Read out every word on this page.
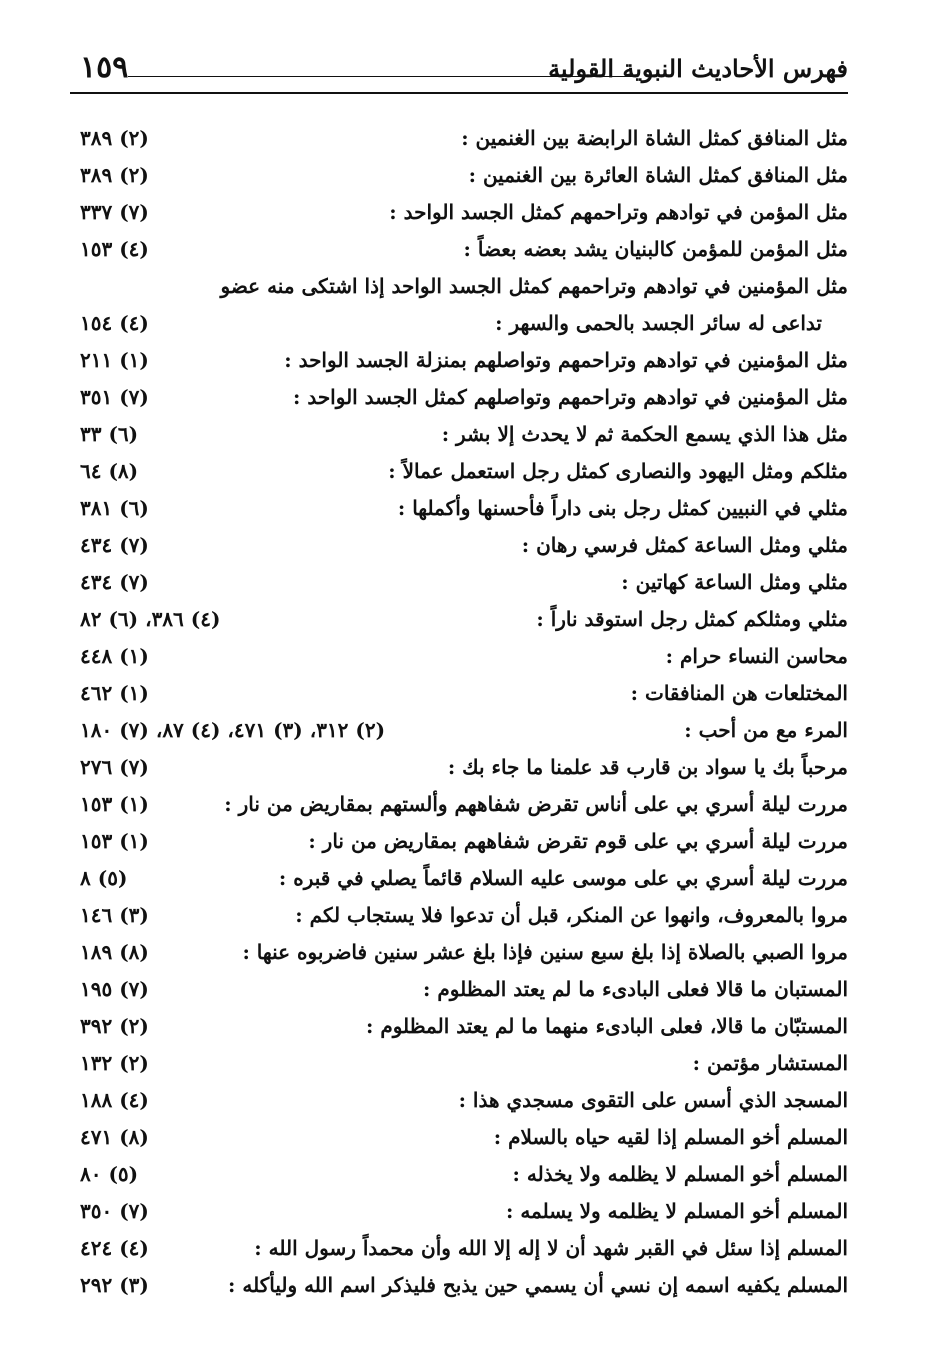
١٥٩	فهرس الأحاديث النبوية القولية
مثل المنافق كمثل الشاة الرابضة بين الغنمين :
(٢) ٣٨٩
مثل المنافق كمثل الشاة العائرة بين الغنمين :
(٢) ٣٨٩
مثل المؤمن في توادهم وتراحمهم كمثل الجسد الواحد :
(٧) ٣٣٧
مثل المؤمن للمؤمن كالبنيان يشد بعضه بعضاً :
(٤) ١٥٣
مثل المؤمنين في توادهم وتراحمهم كمثل الجسد الواحد إذا اشتكى منه عضو
تداعى له سائر الجسد بالحمى والسهر :
(٤) ١٥٤
مثل المؤمنين في توادهم وتراحمهم وتواصلهم بمنزلة الجسد الواحد :
(١) ٢١١
مثل المؤمنين في توادهم وتراحمهم وتواصلهم كمثل الجسد الواحد :
(٧) ٣٥١
مثل هذا الذي يسمع الحكمة ثم لا يحدث إلا بشر :
(٦) ٣٣
مثلكم ومثل اليهود والنصارى كمثل رجل استعمل عمالاً :
(٨) ٦٤
مثلي في النبيين كمثل رجل بنى داراً فأحسنها وأكملها :
(٦) ٣٨١
مثلي ومثل الساعة كمثل فرسي رهان :
(٧) ٤٣٤
مثلي ومثل الساعة كهاتين :
(٧) ٤٣٤
مثلي ومثلكم كمثل رجل استوقد ناراً :
(٤) ٣٨٦، (٦) ٨٢
محاسن النساء حرام :
(١) ٤٤٨
المختلعات هن المنافقات :
(١) ٤٦٢
المرء مع من أحب :
(٢) ٣١٢، (٣) ٤٧١، (٤) ٨٧، (٧) ١٨٠
مرحباً بك يا سواد بن قارب قد علمنا ما جاء بك :
(٧) ٢٧٦
مررت ليلة أسري بي على أناس تقرض شفاههم وألستهم بمقاريض من نار :
(١) ١٥٣
مررت ليلة أسري بي على قوم تقرض شفاههم بمقاريض من نار :
(١) ١٥٣
مررت ليلة أسري بي على موسى عليه السلام قائماً يصلي في قبره :
(٥) ٨
مروا بالمعروف، وانهوا عن المنكر، قبل أن تدعوا فلا يستجاب لكم :
(٣) ١٤٦
مروا الصبي بالصلاة إذا بلغ سبع سنين فإذا بلغ عشر سنين فاضربوه عنها :
(٨) ١٨٩
المستبان ما قالا فعلى البادىء ما لم يعتد المظلوم :
(٧) ١٩٥
المستبّان ما قالا، فعلى البادىء منهما ما لم يعتد المظلوم :
(٢) ٣٩٢
المستشار مؤتمن :
(٢) ١٣٢
المسجد الذي أسس على التقوى مسجدي هذا :
(٤) ١٨٨
المسلم أخو المسلم إذا لقيه حياه بالسلام :
(٨) ٤٧١
المسلم أخو المسلم لا يظلمه ولا يخذله :
(٥) ٨٠
المسلم أخو المسلم لا يظلمه ولا يسلمه :
(٧) ٣٥٠
المسلم إذا سئل في القبر شهد أن لا إله إلا الله وأن محمداً رسول الله :
(٤) ٤٢٤
المسلم يكفيه اسمه إن نسي أن يسمي حين يذبح فليذكر اسم الله وليأكله :
(٣) ٢٩٢
